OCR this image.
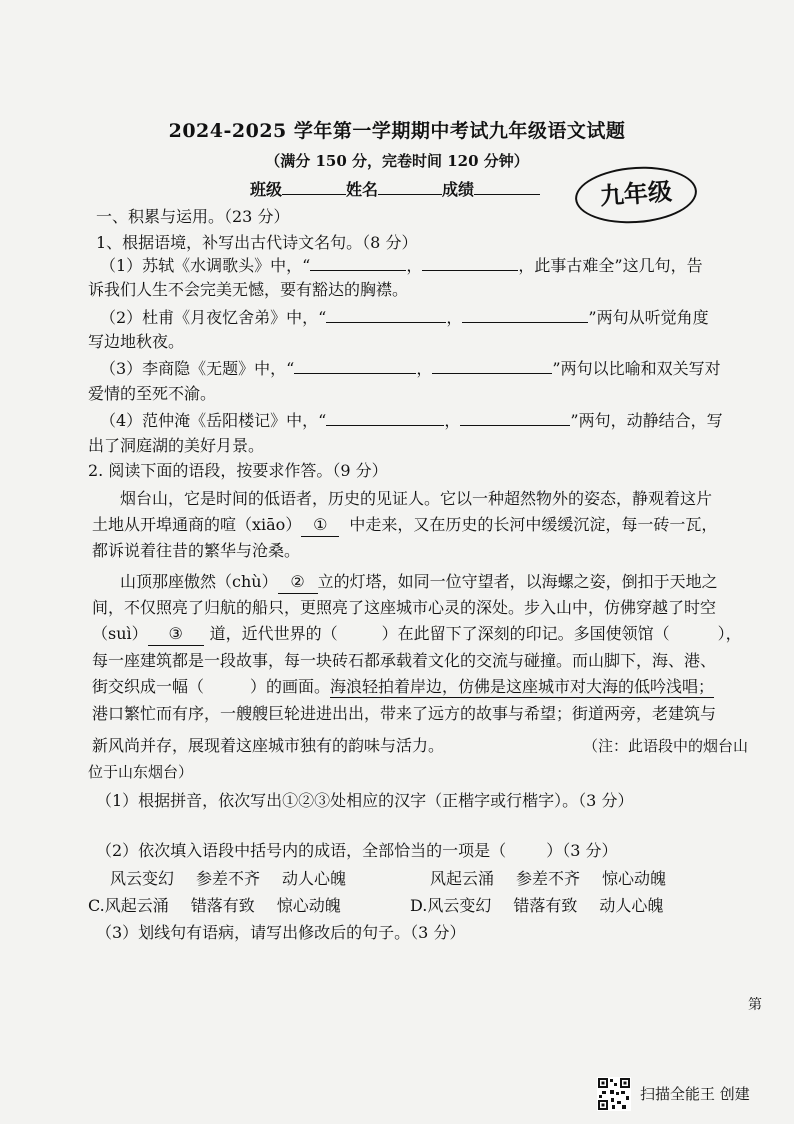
2024-2025 学年第一学期期中考试九年级语文试题
（满分 150 分，完卷时间 120 分钟）
班级	姓名	成绩	九年级
一、积累与运用。（23 分）
1、根据语境，补写出古代诗文名句。（8 分）
（1）苏轼《水调歌头》中，“	，	，此事古难全”这几句，告
诉我们人生不会完美无憾，要有豁达的胸襟。
（2）杜甫《月夜忆舍弟》中，“	，	”两句从听觉角度
写边地秋夜。
（3）李商隐《无题》中，“	，	”两句以比喻和双关写对
爱情的至死不渝。
（4）范仲淹《岳阳楼记》中，“	，	”两句，动静结合，写
出了洞庭湖的美好月景。
2. 阅读下面的语段，按要求作答。（9 分）
烟台山，它是时间的低语者，历史的见证人。它以一种超然物外的姿态，静观着这片
土地从开埠通商的喧（xiāo） ① 中走来，又在历史的长河中缓缓沉淀，每一砖一瓦，
都诉说着往昔的繁华与沧桑。
山顶那座傲然（chù） ② 立的灯塔，如同一位守望者，以海螺之姿，倒扣于天地之
间，不仅照亮了归航的船只，更照亮了这座城市心灵的深处。步入山中，仿佛穿越了时空
（suì） ③ 道，近代世界的（	）在此留下了深刻的印记。多国使领馆（	），
每一座建筑都是一段故事，每一块砖石都承载着文化的交流与碰撞。而山脚下，海、港、
街交织成一幅（	）的画面。海浪轻拍着岸边，仿佛是这座城市对大海的低吟浅唱；
港口繁忙而有序，一艘艘巨轮进进出出，带来了远方的故事与希望；街道两旁，老建筑与
新风尚并存，展现着这座城市独有的韵味与活力。	（注：此语段中的烟台山
位于山东烟台）
（1）根据拼音，依次写出①②③处相应的汉字（正楷字或行楷字）。（3 分）
（2）依次填入语段中括号内的成语，全部恰当的一项是（	）（3 分）
风云变幻 参差不齐 动人心魄	风起云涌 参差不齐 惊心动魄
C.风起云涌 错落有致 惊心动魄	D.风云变幻 错落有致 动人心魄
（3）划线句有语病，请写出修改后的句子。（3 分）
第
扫描全能王 创建
